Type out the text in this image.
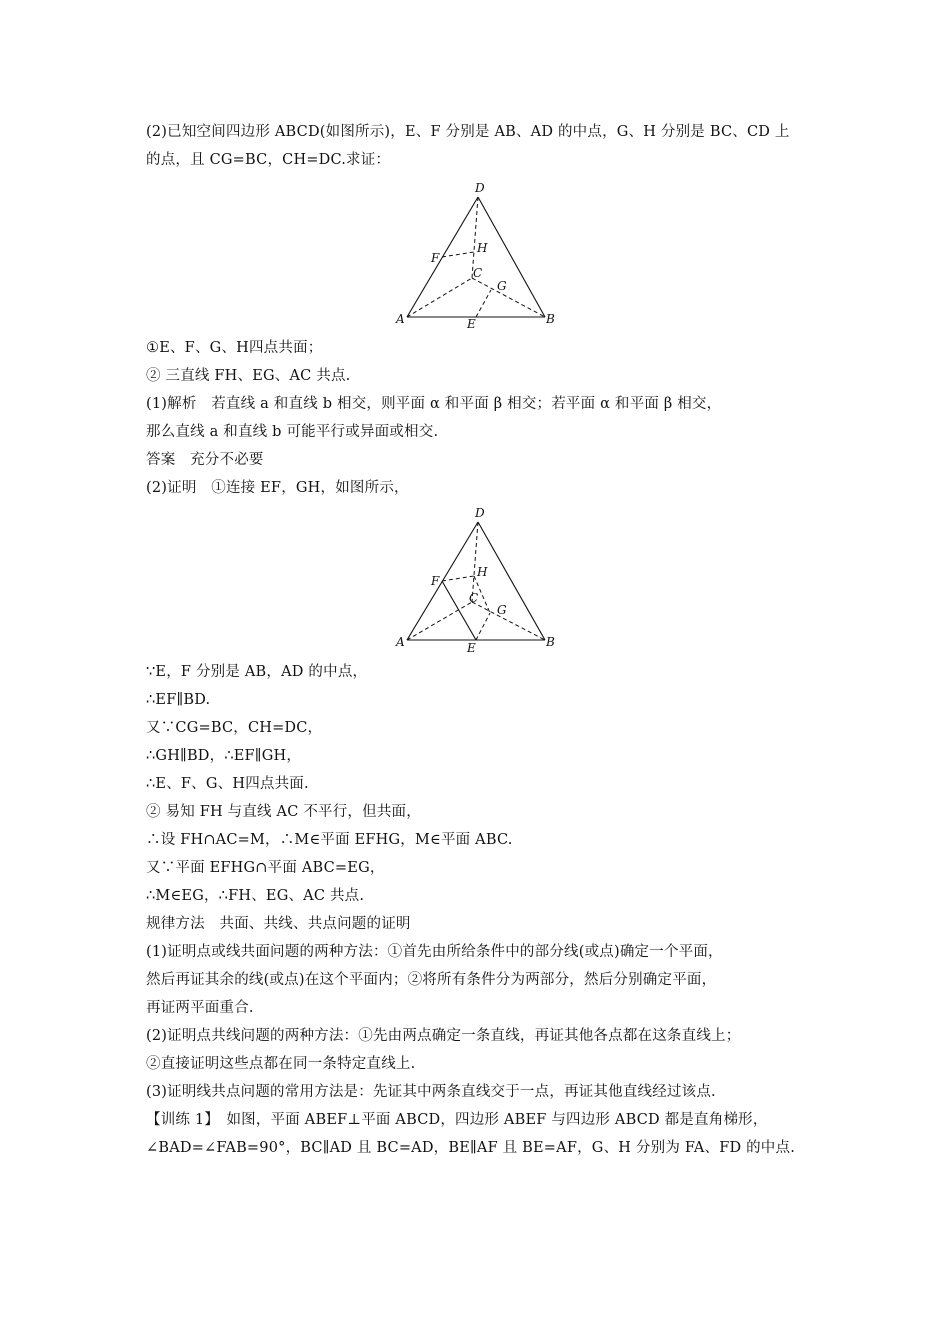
(2)已知空间四边形 ABCD(如图所示)，E、F 分别是 AB、AD 的中点，G、H 分别是 BC、CD 上
的点，且 CG=BC，CH=DC.求证：
D
H
F
C
G
A	E	B
①E、F、G、H四点共面；
② 三直线 FH、EG、AC 共点.
(1)解析　若直线 a 和直线 b 相交，则平面 α 和平面 β 相交；若平面 α 和平面 β 相交，
那么直线 a 和直线 b 可能平行或异面或相交.
答案　充分不必要
(2)证明　①连接 EF，GH，如图所示，
D
H
F
C
G
A	E	B
∵E，F 分别是 AB，AD 的中点，
∴EF∥BD.
又∵CG=BC，CH=DC，
∴GH∥BD，∴EF∥GH，
∴E、F、G、H四点共面.
② 易知 FH 与直线 AC 不平行，但共面，
∴设 FH∩AC=M，∴M∈平面 EFHG，M∈平面 ABC.
又∵平面 EFHG∩平面 ABC=EG，
∴M∈EG，∴FH、EG、AC 共点.
规律方法　共面、共线、共点问题的证明
(1)证明点或线共面问题的两种方法：①首先由所给条件中的部分线(或点)确定一个平面，
然后再证其余的线(或点)在这个平面内；②将所有条件分为两部分，然后分别确定平面，
再证两平面重合.
(2)证明点共线问题的两种方法：①先由两点确定一条直线，再证其他各点都在这条直线上；
②直接证明这些点都在同一条特定直线上.
(3)证明线共点问题的常用方法是：先证其中两条直线交于一点，再证其他直线经过该点.
【训练 1】　如图，平面 ABEF⊥平面 ABCD，四边形 ABEF 与四边形 ABCD 都是直角梯形，
∠BAD=∠FAB=90°，BC∥AD 且 BC=AD，BE∥AF 且 BE=AF，G、H 分别为 FA、FD 的中点.
